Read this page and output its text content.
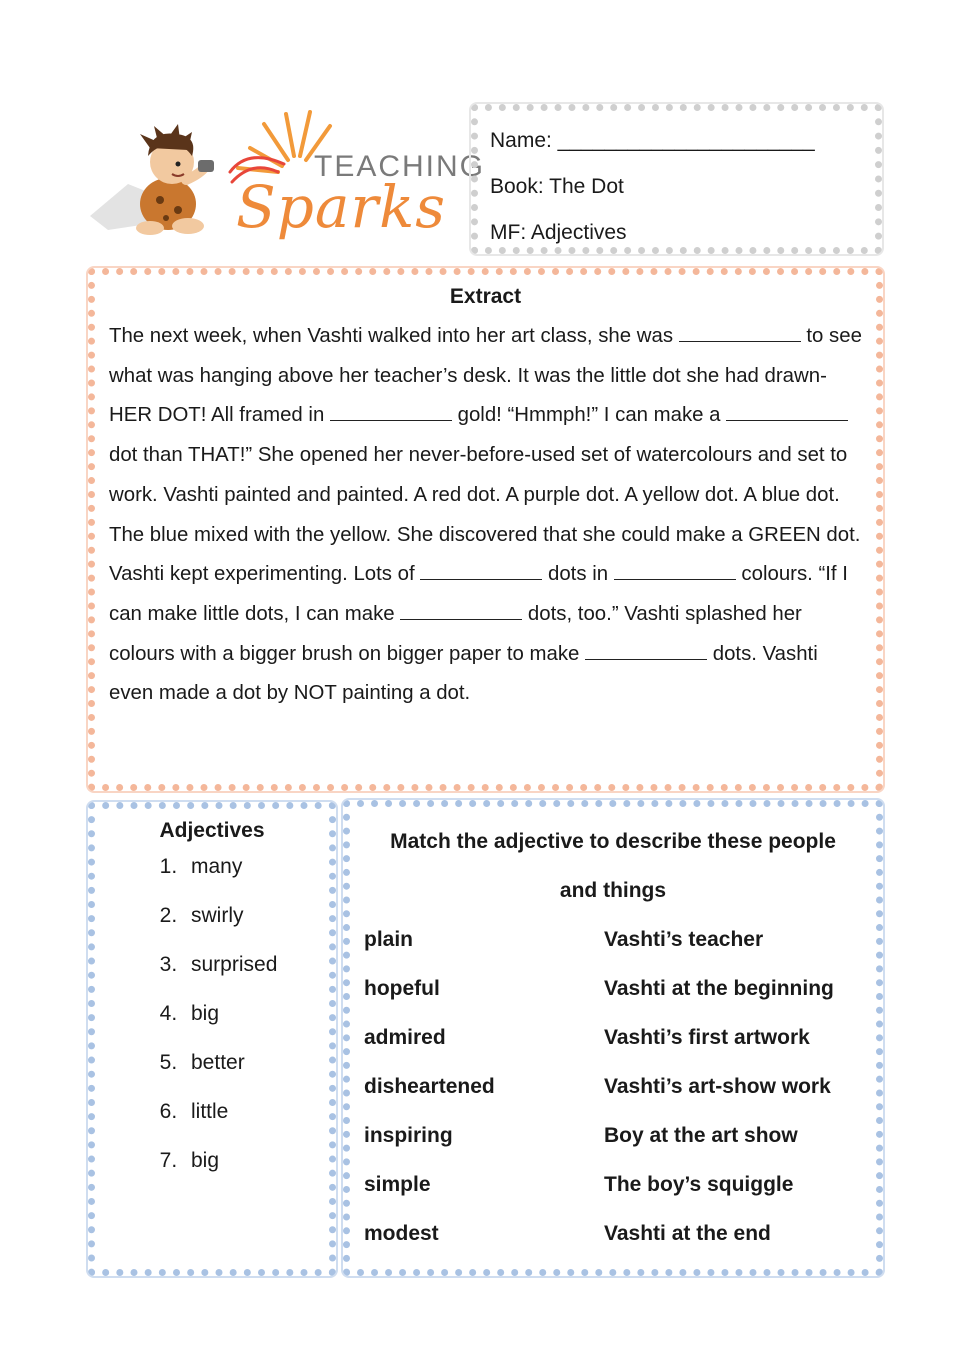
TEACHING
Sparks
Name: ______________________
Book: The Dot
MF: Adjectives
Extract

The next week, when Vashti walked into her art class, she was	to see what was hanging above her teacher’s desk. It was the little dot she had drawn- HER DOT! All framed in	gold! “Hmmph!” I can make a  dot than THAT!” She opened her never-before-used set of watercolours and set to work. Vashti painted and painted. A red dot. A purple dot. A yellow dot. A blue dot. The blue mixed with the yellow. She discovered that she could make a GREEN dot. Vashti kept experimenting. Lots of	dots in	colours. “If I can make little dots, I can make	dots, too.” Vashti splashed her colours with a bigger brush on bigger paper to make	dots. Vashti even made a dot by NOT painting a dot.

Adjectives
1. many
2. swirly
3. surprised
4. big
5. better
6. little
7. big
Match the adjective to describe these people
and things
plain	Vashti’s teacher
hopeful	Vashti at the beginning
admired	Vashti’s first artwork
disheartened	Vashti’s art-show work
inspiring	Boy at the art show
simple	The boy’s squiggle
modest	Vashti at the end
